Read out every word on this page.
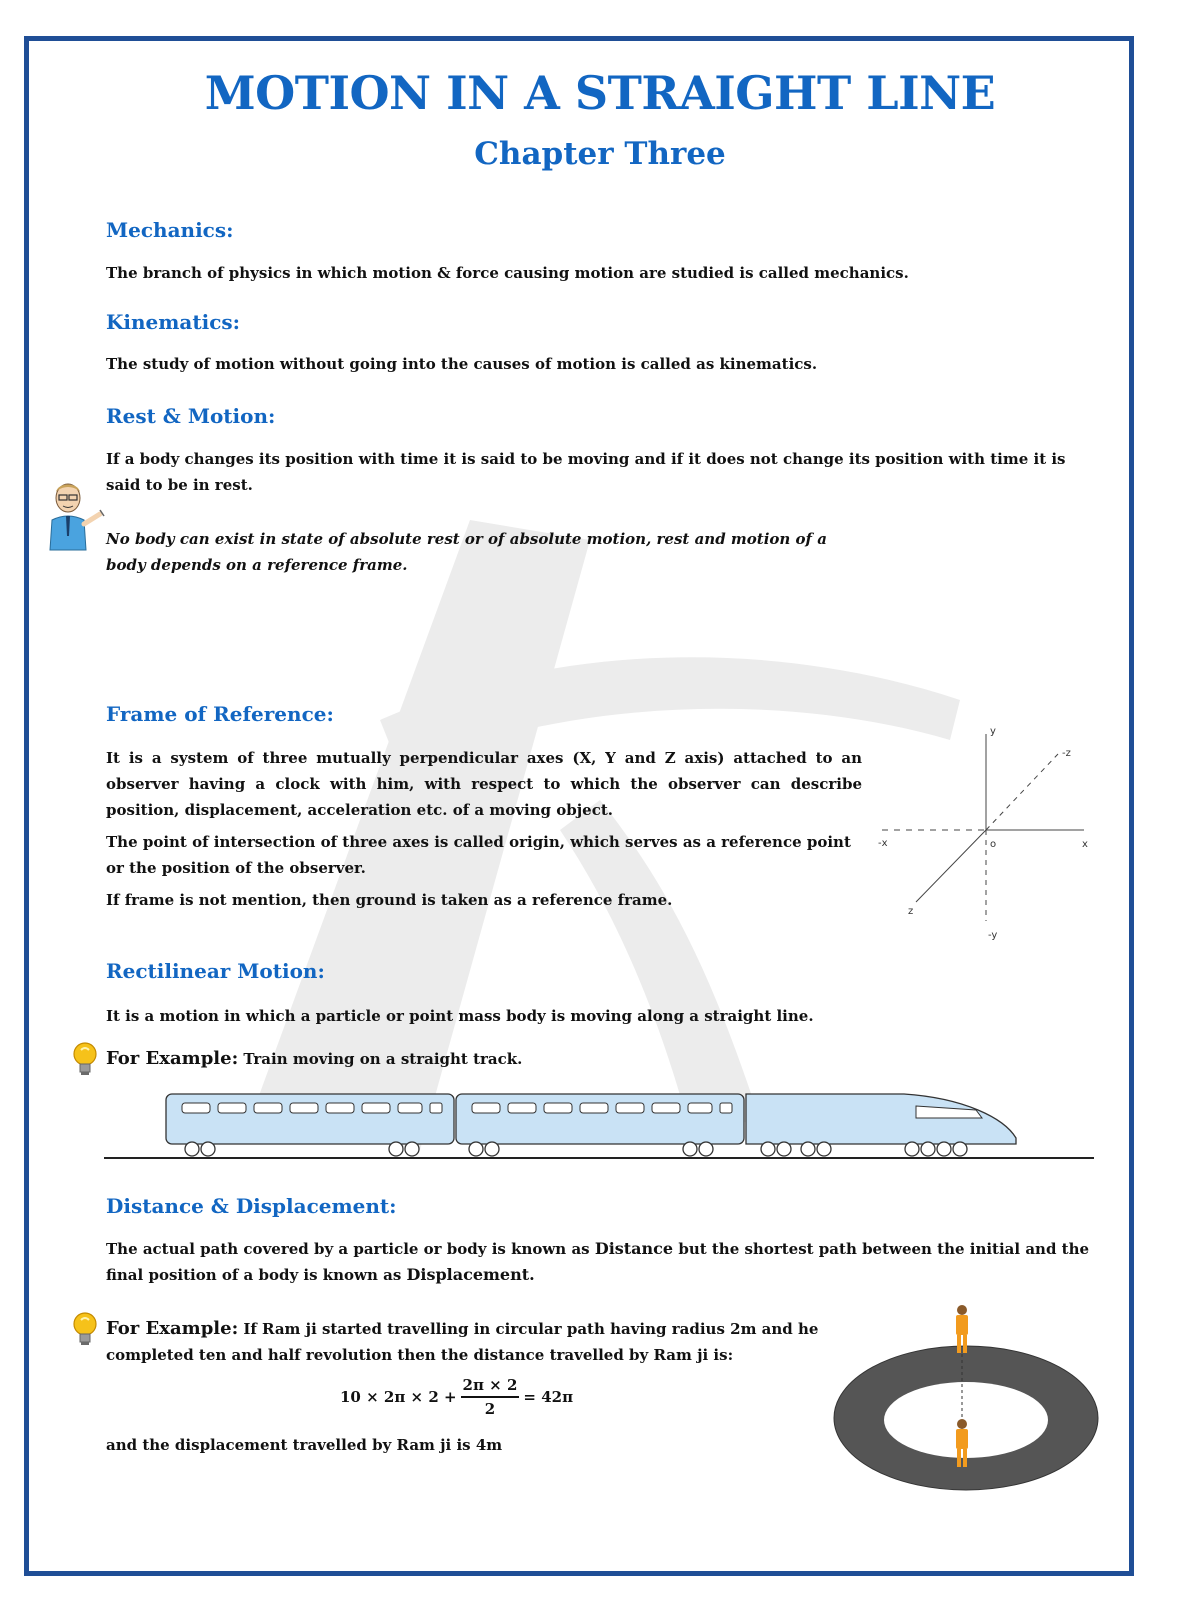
MOTION IN A STRAIGHT LINE
Chapter Three
Mechanics:
The branch of physics in which motion & force causing motion are studied is called mechanics.
Kinematics:
The study of motion without going into the causes of motion is called as kinematics.
Rest & Motion:
If a body changes its position with time it is said to be moving and if it does not change its position with time it is said to be in rest.
No body can exist in state of absolute rest or of absolute motion, rest and motion of a body depends on a reference frame.
Frame of Reference:
It is a system of three mutually perpendicular axes (X, Y and Z axis) attached to an observer having a clock with him, with respect to which the observer can describe position, displacement, acceleration etc. of a moving object.
The point of intersection of three axes is called origin, which serves as a reference point or the position of the observer.
If frame is not mention, then ground is taken as a reference frame.
y
-z
-x	o	x
z
-y
Rectilinear Motion:
It is a motion in which a particle or point mass body is moving along a straight line.
For Example: Train moving on a straight track.
Distance & Displacement:
The actual path covered by a particle or body is known as Distance but the shortest path between the initial and the final position of a body is known as Displacement.
For Example: If Ram ji started travelling in circular path having radius 2m and he completed ten and half revolution then the distance travelled by Ram ji is:
$10 \times 2\pi \times 2 + \frac{2\pi \times 2}{2} = 42\pi$
and the displacement travelled by Ram ji is 4m
